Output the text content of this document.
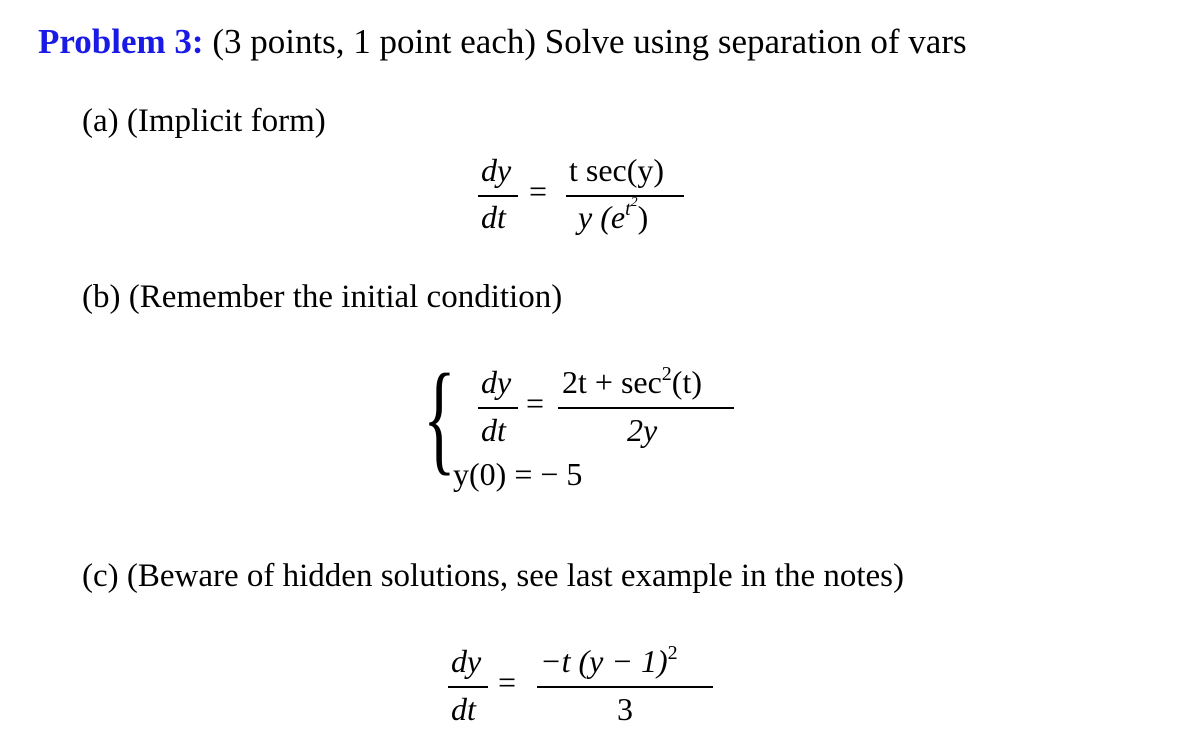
Problem 3: (3 points, 1 point each) Solve using separation of vars
(a) (Implicit form)
dy
dt
=
t sec(y)
y $(e^{t2})$
(b) (Remember the initial condition)
{ dy
dt
=
$2t + \sec^2(t)$
2y
y(0) = − 5
(c) (Beware of hidden solutions, see last example in the notes)
dy
dt
=
−t $(y - 1)^2$
3
